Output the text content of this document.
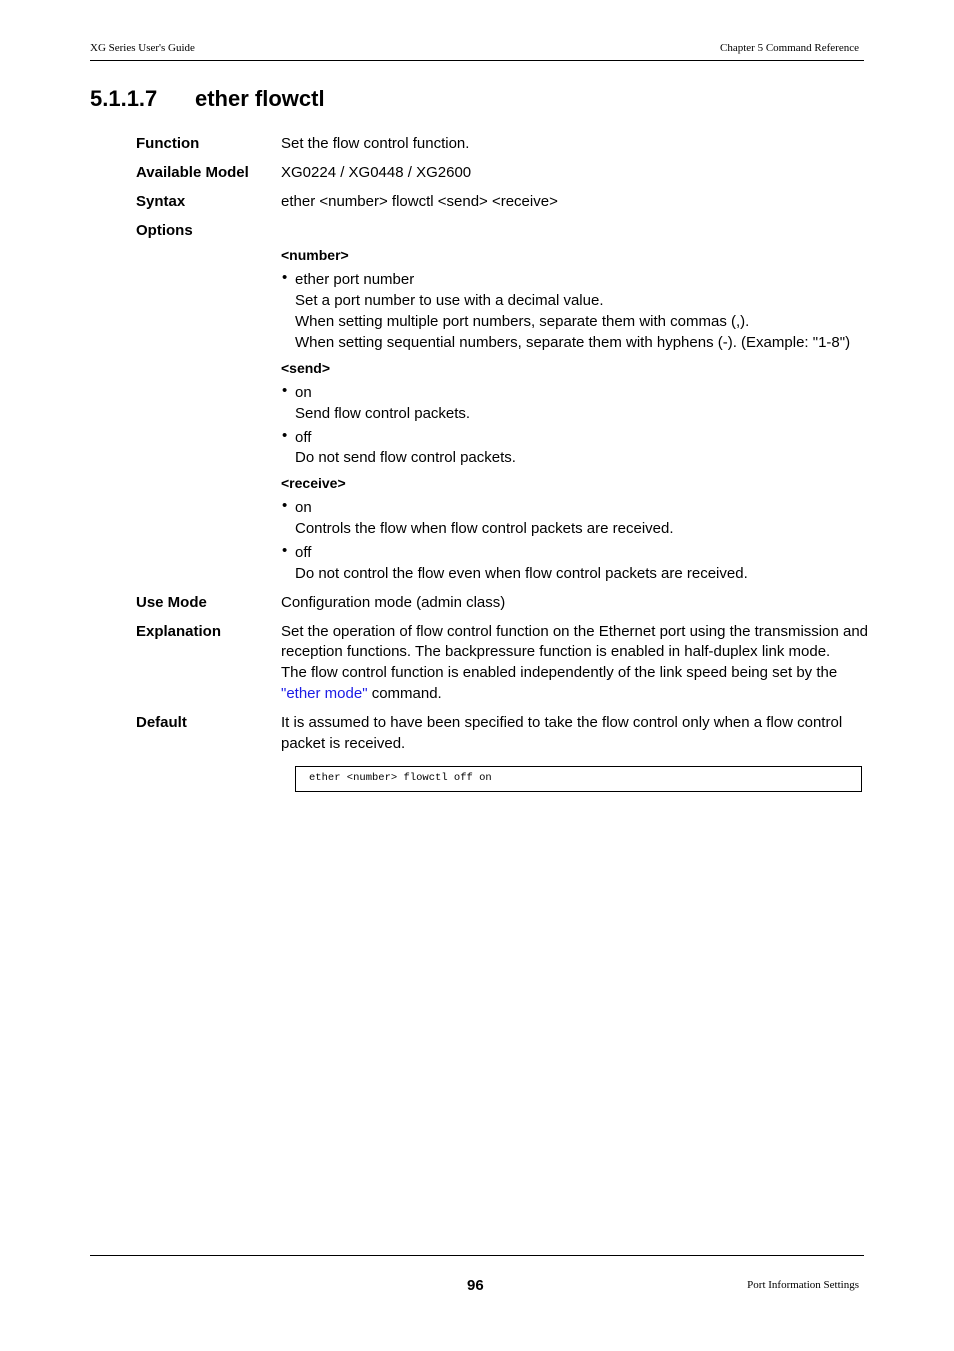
XG Series User's Guide	Chapter 5 Command Reference
5.1.1.7 ether flowctl
Function	Set the flow control function.
Available Model XG0224 / XG0448 / XG2600
Syntax	ether <number> flowctl <send> <receive>
Options
<number>
• ether port number
Set a port number to use with a decimal value.
When setting multiple port numbers, separate them with commas (,).
When setting sequential numbers, separate them with hyphens (-). (Example: "1-8")
<send>
• on
Send flow control packets.
• off
Do not send flow control packets.
<receive>
• on
Controls the flow when flow control packets are received.
• off
Do not control the flow even when flow control packets are received.
Use Mode	Configuration mode (admin class)
Explanation	Set the operation of flow control function on the Ethernet port using the transmission and
reception functions. The backpressure function is enabled in half-duplex link mode.
The flow control function is enabled independently of the link speed being set by the
"ether mode" command.
Default	It is assumed to have been specified to take the flow control only when a flow control
packet is received.
ether <number> flowctl off on
96	Port Information Settings
